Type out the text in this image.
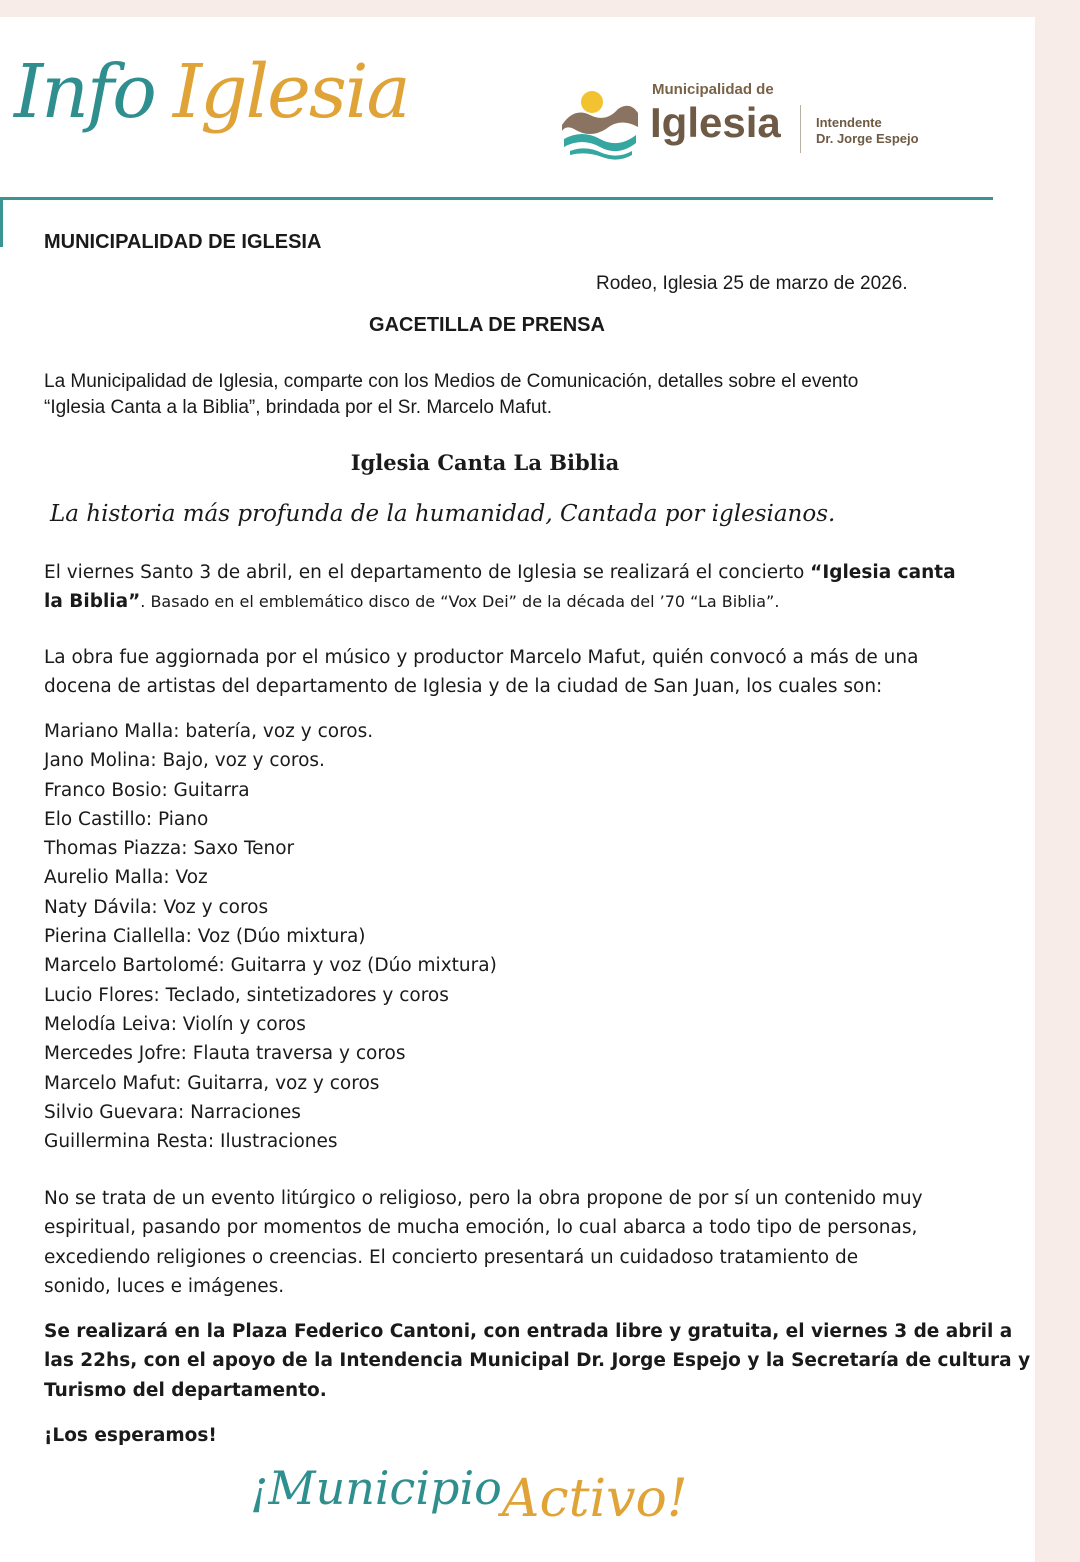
Info Iglesia	Municipalidad de
Iglesia	Intendente
Dr. Jorge Espejo
MUNICIPALIDAD DE IGLESIA
Rodeo, Iglesia 25 de marzo de 2026.
GACETILLA DE PRENSA
La Municipalidad de Iglesia, comparte con los Medios de Comunicación, detalles sobre el evento
“Iglesia Canta a la Biblia”, brindada por el Sr. Marcelo Mafut.
Iglesia Canta La Biblia
La historia más profunda de la humanidad, Cantada por iglesianos.
El viernes Santo 3 de abril, en el departamento de Iglesia se realizará el concierto “Iglesia canta
la Biblia”. Basado en el emblemático disco de “Vox Dei” de la década del ’70 “La Biblia”.
La obra fue aggiornada por el músico y productor Marcelo Mafut, quién convocó a más de una
docena de artistas del departamento de Iglesia y de la ciudad de San Juan, los cuales son:
Mariano Malla: batería, voz y coros.
Jano Molina: Bajo, voz y coros.
Franco Bosio: Guitarra
Elo Castillo: Piano
Thomas Piazza: Saxo Tenor
Aurelio Malla: Voz
Naty Dávila: Voz y coros
Pierina Ciallella: Voz (Dúo mixtura)
Marcelo Bartolomé: Guitarra y voz (Dúo mixtura)
Lucio Flores: Teclado, sintetizadores y coros
Melodía Leiva: Violín y coros
Mercedes Jofre: Flauta traversa y coros
Marcelo Mafut: Guitarra, voz y coros
Silvio Guevara: Narraciones
Guillermina Resta: Ilustraciones
No se trata de un evento litúrgico o religioso, pero la obra propone de por sí un contenido muy
espiritual, pasando por momentos de mucha emoción, lo cual abarca a todo tipo de personas,
excediendo religiones o creencias. El concierto presentará un cuidadoso tratamiento de
sonido, luces e imágenes.
Se realizará en la Plaza Federico Cantoni, con entrada libre y gratuita, el viernes 3 de abril a
las 22hs, con el apoyo de la Intendencia Municipal Dr. Jorge Espejo y la Secretaría de cultura y
Turismo del departamento.
¡Los esperamos!
¡MunicipioActivo!
